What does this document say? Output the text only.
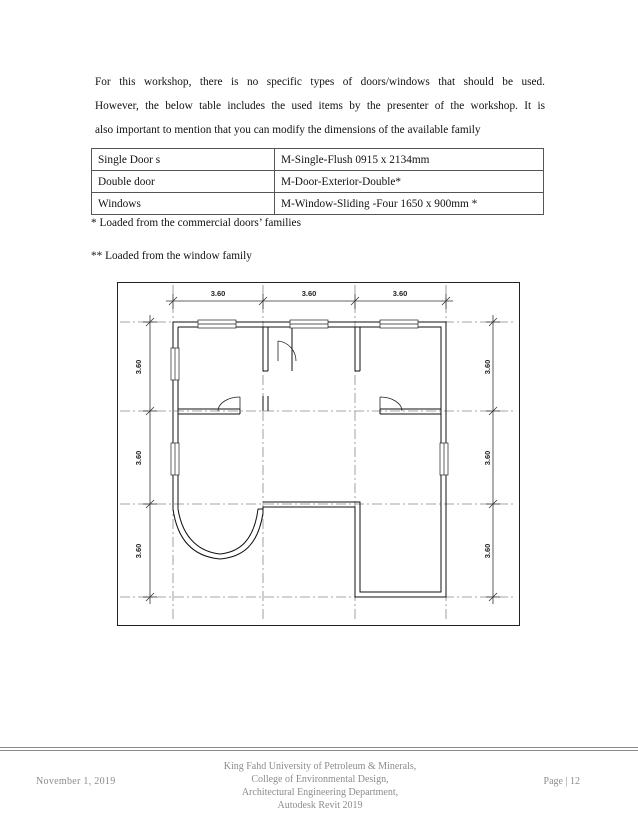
For this workshop, there is no specific types of doors/windows that should be used.
However, the below table includes the used items by the presenter of the workshop. It is
also important to mention that you can modify the dimensions of the available family
Single Door s	M-Single-Flush 0915 x 2134mm
Double door	M-Door-Exterior-Double*
Windows	M-Window-Sliding -Four 1650 x 900mm *
* Loaded from the commercial doors’ families
** Loaded from the window family
3.60	3.60	3.60
3.60
3.60
3.60
3.60
3.60
3.60
November 1, 2019
King Fahd University of Petroleum & Minerals,
College of Environmental Design,
Architectural Engineering Department,
Autodesk Revit 2019
Page | 12
